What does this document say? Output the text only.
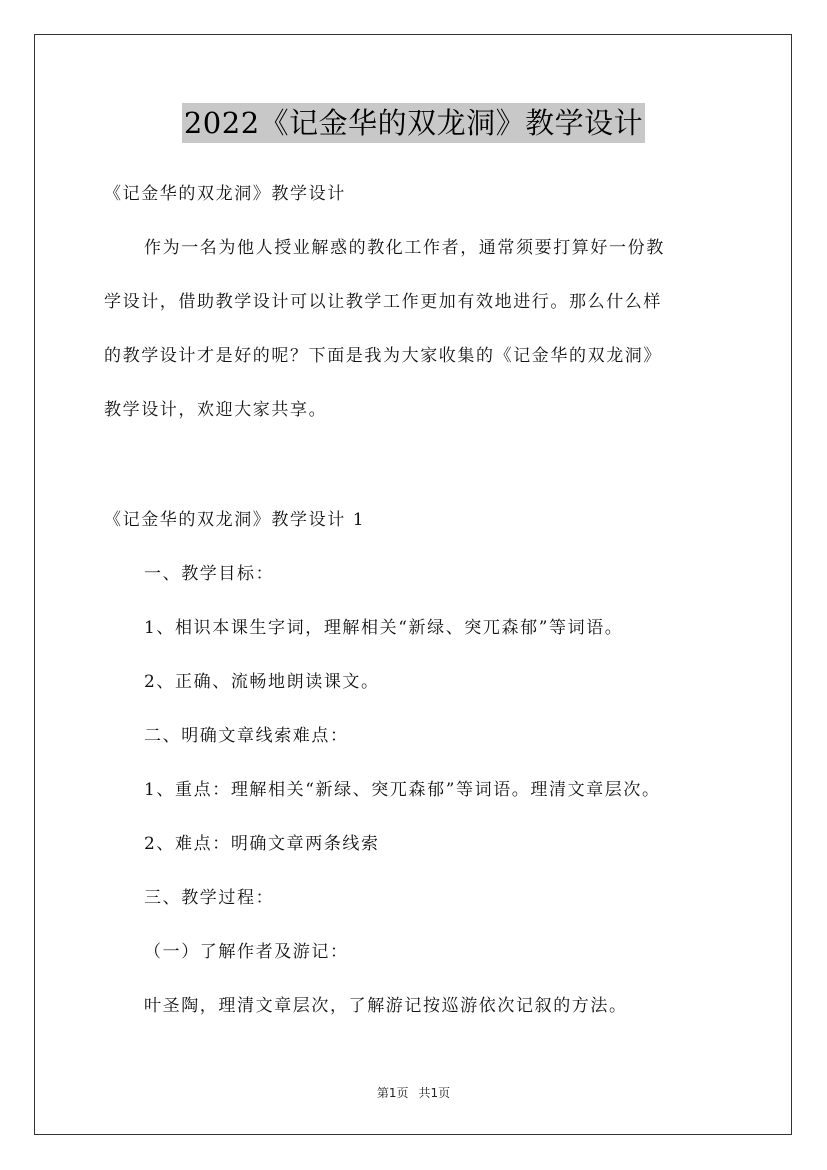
2022《记金华的双龙洞》教学设计
《记金华的双龙洞》教学设计
作为一名为他人授业解惑的教化工作者，通常须要打算好一份教
学设计，借助教学设计可以让教学工作更加有效地进行。那么什么样
的教学设计才是好的呢？下面是我为大家收集的《记金华的双龙洞》
教学设计，欢迎大家共享。
《记金华的双龙洞》教学设计 1
一、教学目标：
1、相识本课生字词，理解相关“新绿、突兀森郁”等词语。
2、正确、流畅地朗读课文。
二、明确文章线索难点：
1、重点：理解相关“新绿、突兀森郁”等词语。理清文章层次。
2、难点：明确文章两条线索
三、教学过程：
（一）了解作者及游记：
叶圣陶，理清文章层次，了解游记按巡游依次记叙的方法。
第1页 共1页
